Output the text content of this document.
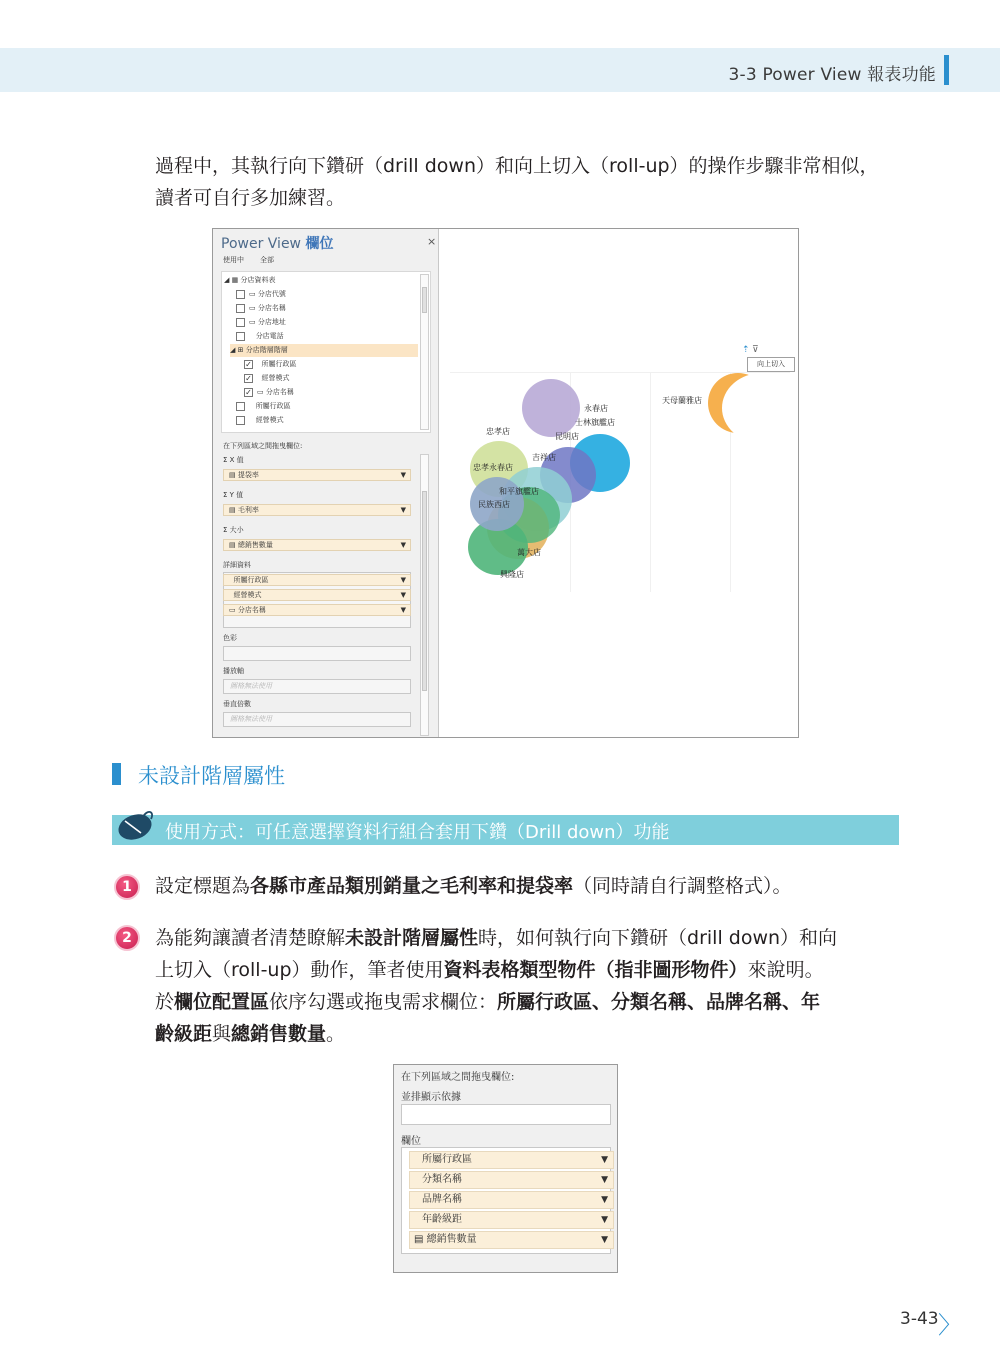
3-3 Power View 報表功能
過程中，其執行向下鑽研（drill down）和向上切入（roll-up）的操作步驟非常相似，
讀者可自行多加練習。
Power View 欄位	×
使用中 全部
◢ ▦ 分店資料表
▭ 分店代號
▭ 分店名稱
▭ 分店地址
分店電話
◢ ⊞ 分店階層階層
✓ 所屬行政區
✓ 經營模式
✓ ▭ 分店名稱
所屬行政區
經營模式
在下列區域之間拖曳欄位:
Σ X 值
▤ 提袋率	▼
Σ Y 值
▤ 毛利率	▼
Σ 大小
▤ 總銷售數量	▼
詳細資料
所屬行政區	▼
經營模式	▼
▭ 分店名稱	▼
色彩
播放軸
圖格無法使用
垂直倍數
圖格無法使用
⇡ ⊽
向上切入
天母蘭雅店
永春店
士林旗艦店
忠孝店
昆明店
吉祥店
忠孝永春店
和平旗艦店
民族西店
萬大店
興隆店
未設計階層屬性
使用方式：可任意選擇資料行組合套用下鑽（Drill down）功能
1	設定標題為各縣市產品類別銷量之毛利率和提袋率（同時請自行調整格式）。
2	為能夠讓讀者清楚瞭解未設計階層屬性時，如何執行向下鑽研（drill down）和向
上切入（roll-up）動作，筆者使用資料表格類型物件（指非圖形物件）來說明。
於欄位配置區依序勾選或拖曳需求欄位：所屬行政區、分類名稱、品牌名稱、年
齡級距與總銷售數量。
在下列區域之間拖曳欄位:
並排顯示依據
欄位
所屬行政區	▼
分類名稱	▼
品牌名稱	▼
年齡級距	▼
▤ 總銷售數量	▼
3-43 〉
